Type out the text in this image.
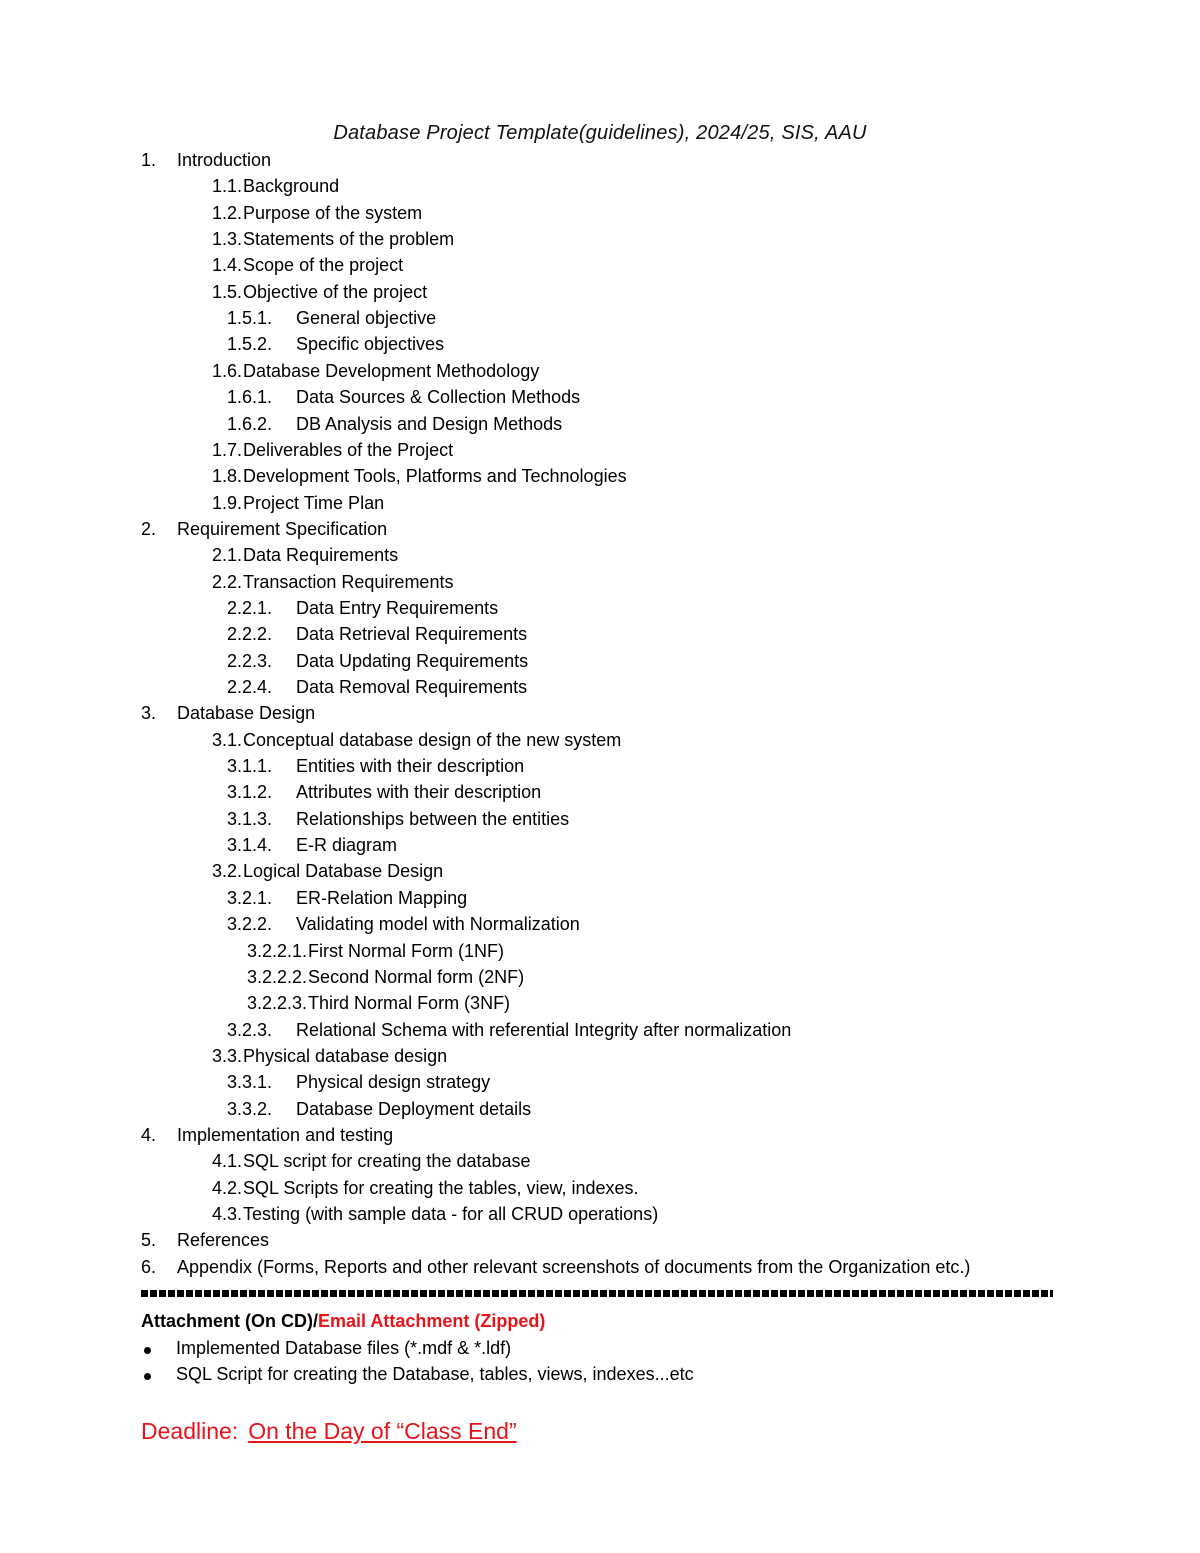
Database Project Template(guidelines), 2024/25, SIS, AAU
1. Introduction
1.1. Background
1.2. Purpose of the system
1.3. Statements of the problem
1.4. Scope of the project
1.5. Objective of the project
1.5.1. General objective
1.5.2. Specific objectives
1.6. Database Development Methodology
1.6.1. Data Sources & Collection Methods
1.6.2. DB Analysis and Design Methods
1.7. Deliverables of the Project
1.8. Development Tools, Platforms and Technologies
1.9. Project Time Plan
2. Requirement Specification
2.1. Data Requirements
2.2. Transaction Requirements
2.2.1. Data Entry Requirements
2.2.2. Data Retrieval Requirements
2.2.3. Data Updating Requirements
2.2.4. Data Removal Requirements
3. Database Design
3.1. Conceptual database design of the new system
3.1.1. Entities with their description
3.1.2. Attributes with their description
3.1.3. Relationships between the entities
3.1.4. E-R diagram
3.2. Logical Database Design
3.2.1. ER-Relation Mapping
3.2.2. Validating model with Normalization
3.2.2.1. First Normal Form (1NF)
3.2.2.2. Second Normal form (2NF)
3.2.2.3. Third Normal Form (3NF)
3.2.3. Relational Schema with referential Integrity after normalization
3.3. Physical database design
3.3.1. Physical design strategy
3.3.2. Database Deployment details
4. Implementation and testing
4.1. SQL script for creating the database
4.2. SQL Scripts for creating the tables, view, indexes.
4.3. Testing (with sample data - for all CRUD operations)
5. References
6. Appendix (Forms, Reports and other relevant screenshots of documents from the Organization etc.)
Attachment (On CD)/Email Attachment (Zipped)
Implemented Database files (*.mdf & *.ldf)
SQL Script for creating the Database, tables, views, indexes...etc
Deadline: On the Day of “Class End”
